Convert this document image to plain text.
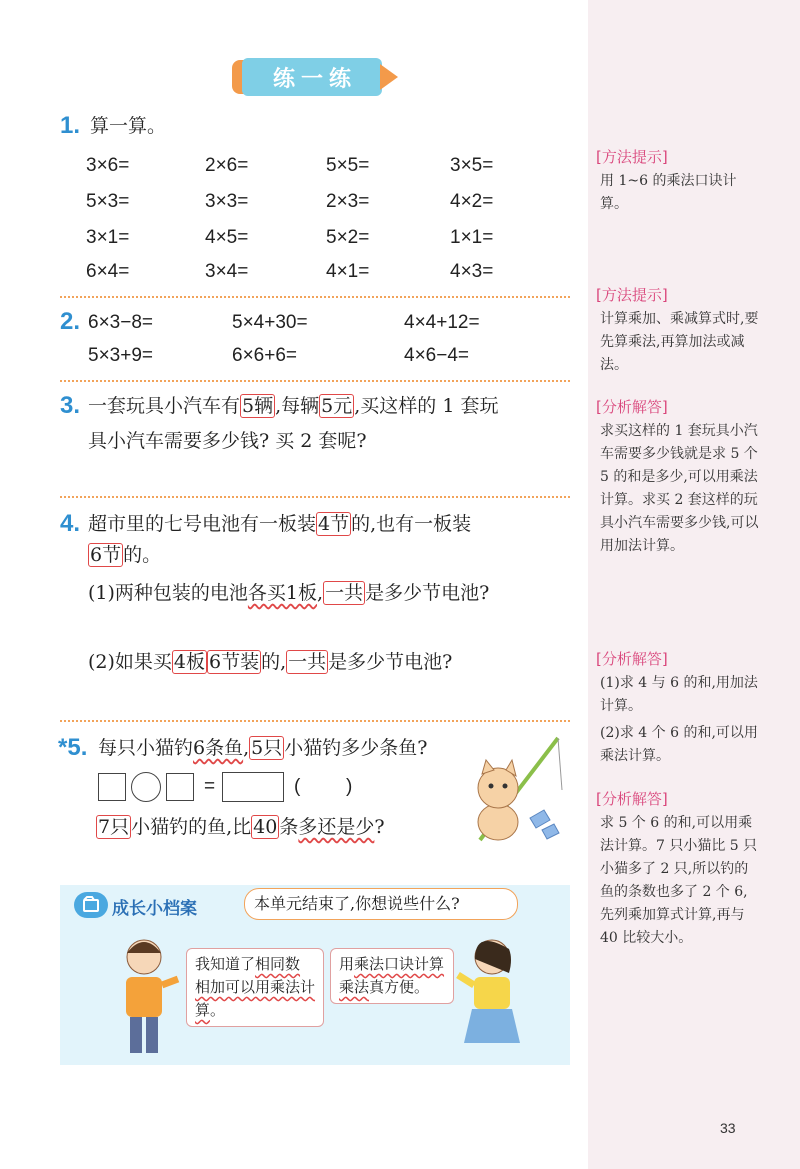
练一练
1. 算一算。
3×6=	2×6=	5×5=	3×5=
5×3=	3×3=	2×3=	4×2=
3×1=	4×5=	5×2=	1×1=
6×4=	3×4=	4×1=	4×3=
2. 6×3−8=	5×4+30=	4×4+12=
5×3+9=	6×6+6=	4×6−4=
3. 一套玩具小汽车有 5辆 ,每辆 5元 ,买这样的 1 套玩
具小汽车需要多少钱? 买 2 套呢?
4. 超市里的七号电池有一板装 4节 的,也有一板装
6节 的。
(1)两种包装的电池各买1板, 一共 是多少节电池?
(2)如果买 4板 6节装 的, 一共 是多少节电池?
*5. 每只小猫钓6条鱼, 5只 小猫钓多少条鱼?
=	( )
7只 小猫钓的鱼,比 40 条多还是少?
成长小档案	本单元结束了,你想说些什么?
我知道了相同数相加可以用乘法计算。
用乘法口诀计算乘法真方便。
[方法提示]
用 1~6 的乘法口诀计算。
[方法提示]
计算乘加、乘减算式时,要先算乘法,再算加法或减法。
[分析解答]
求买这样的 1 套玩具小汽车需要多少钱就是求 5 个 5 的和是多少,可以用乘法计算。求买 2 套这样的玩具小汽车需要多少钱,可以用加法计算。
[分析解答]
(1)求 4 与 6 的和,用加法计算。
(2)求 4 个 6 的和,可以用乘法计算。
[分析解答]
求 5 个 6 的和,可以用乘法计算。7 只小猫比 5 只小猫多了 2 只,所以钓的鱼的条数也多了 2 个 6,先列乘加算式计算,再与 40 比较大小。
33
